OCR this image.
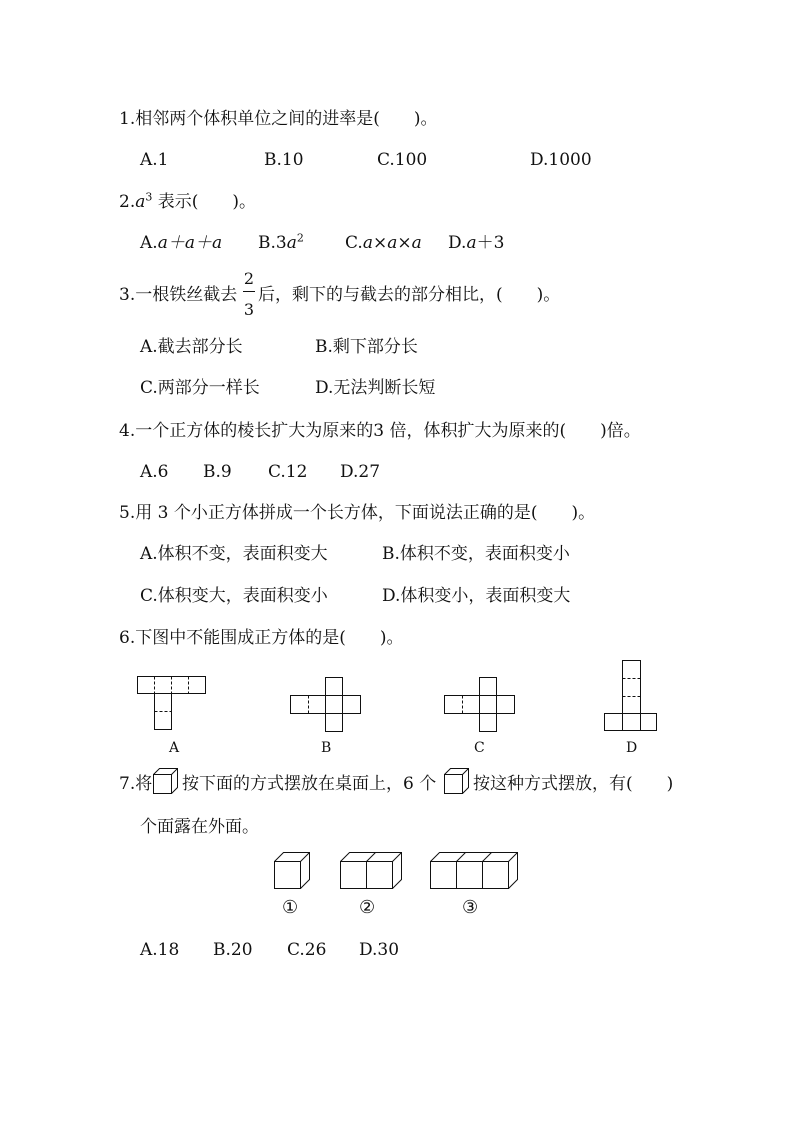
1.相邻两个体积单位之间的进率是(　　)。
A.1	B.10	C.100	D.1000
$2.a^3$ 表示(　　)。
A.a＋a＋a $B.3a^2$ C.a×a×a D.a＋3
3.一根铁丝截去
2
3
后，剩下的与截去的部分相比，(　　)。
A.截去部分长	B.剩下部分长
C.两部分一样长	D.无法判断长短
4.一个正方体的棱长扩大为原来的3 倍，体积扩大为原来的(　　)倍。
A.6 B.9 C.12 D.27
5.用 3 个小正方体拼成一个长方体，下面说法正确的是(　　)。
A.体积不变，表面积变大	B.体积不变，表面积变小
C.体积变大，表面积变小	D.体积变小，表面积变大
6.下图中不能围成正方体的是(　　)。
A	B	C	D
7.将 按下面的方式摆放在桌面上，6 个 按这种方式摆放，有(　　)
个面露在外面。
①	②	③
A.18 B.20 C.26 D.30
